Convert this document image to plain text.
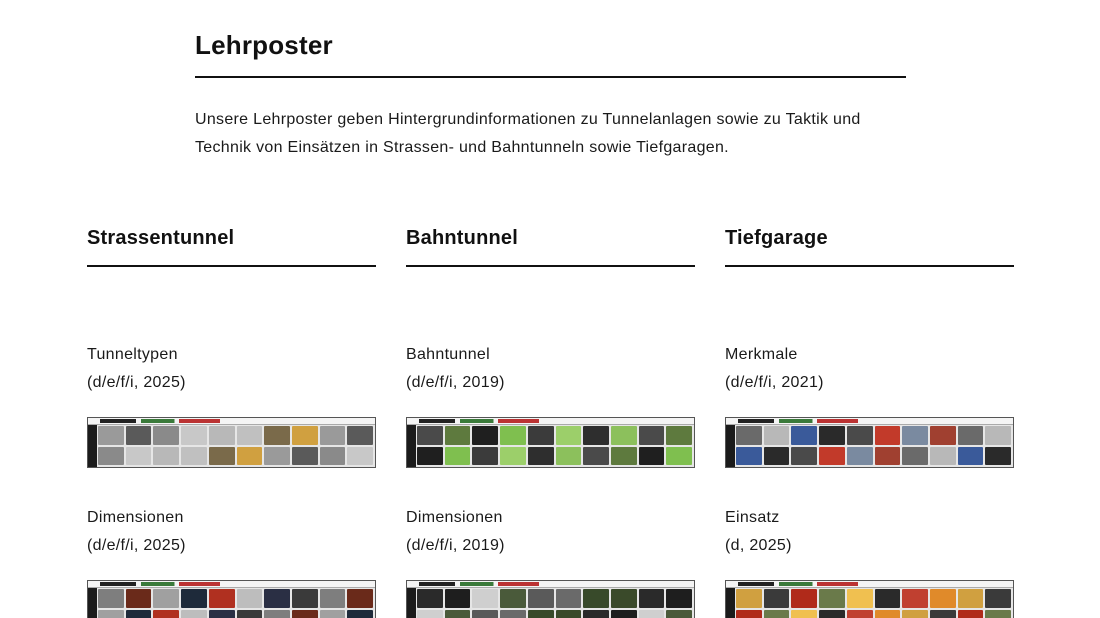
Lehrposter

Unsere Lehrposter geben Hintergrundinformationen zu Tunnelanlagen sowie zu Taktik und Technik von Einsätzen in Strassen- und Bahntunneln sowie Tiefgaragen.

Strassentunnel
Tunneltypen
(d/e/f/i, 2025)
Dimensionen
(d/e/f/i, 2025)
Bahntunnel
Bahntunnel
(d/e/f/i, 2019)
Dimensionen
(d/e/f/i, 2019)
Tiefgarage
Merkmale
(d/e/f/i, 2021)
Einsatz
(d, 2025)
